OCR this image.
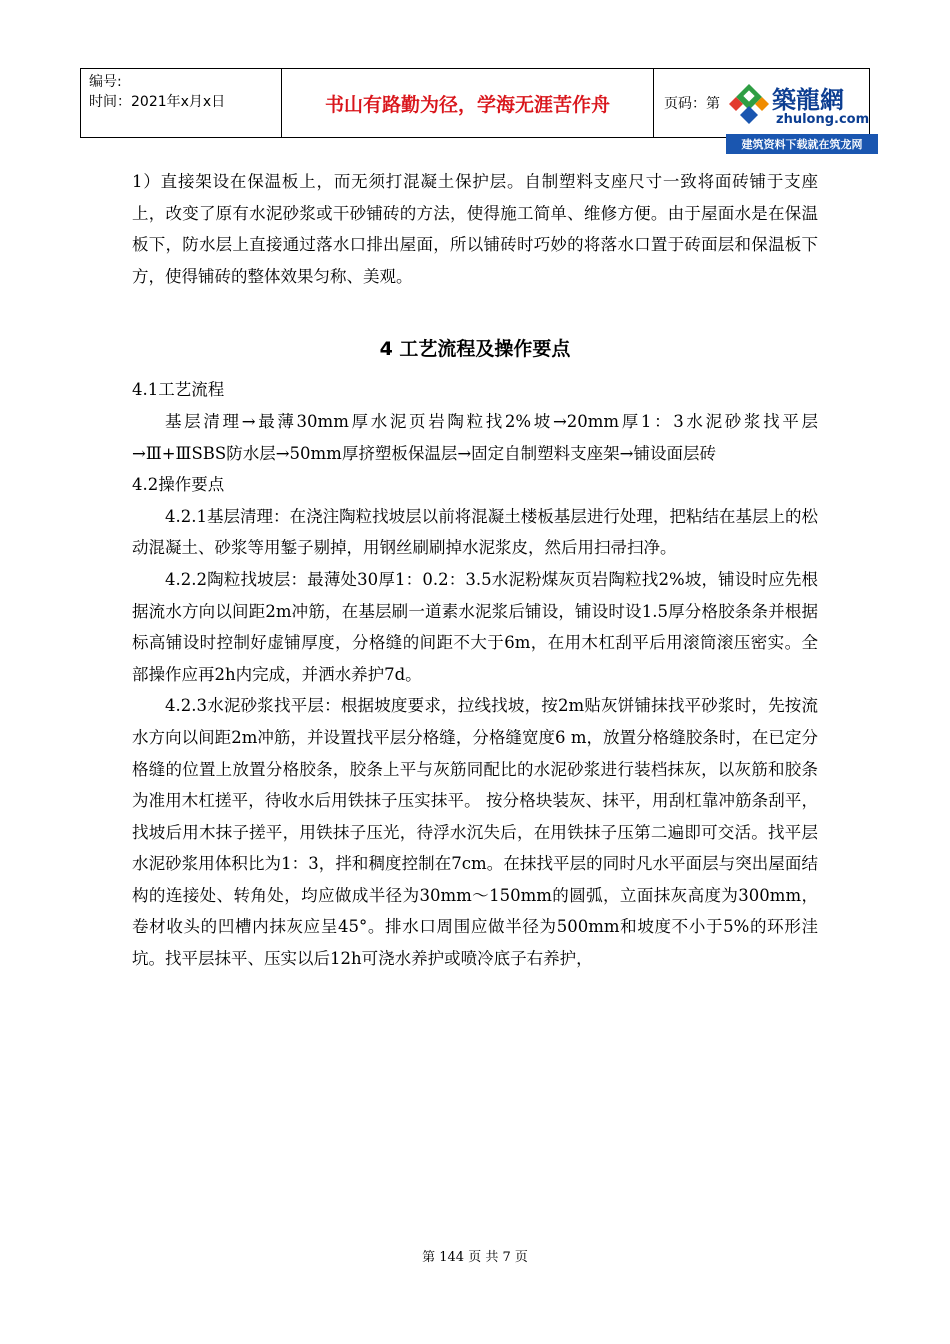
编号:
时间：2021年x月x日	书山有路勤为径，学海无涯苦作舟	页码：第 築龍網
zhulong.com
建筑资料下载就在筑龙网

1）直接架设在保温板上，而无须打混凝土保护层。自制塑料支座尺寸一致将面砖铺于支座上，改变了原有水泥砂浆或干砂铺砖的方法，使得施工简单、维修方便。由于屋面水是在保温板下，防水层上直接通过落水口排出屋面，所以铺砖时巧妙的将落水口置于砖面层和保温板下方，使得铺砖的整体效果匀称、美观。

4 工艺流程及操作要点

4.1工艺流程

基层清理→最薄30mm厚水泥页岩陶粒找2%坡→20mm厚1：3水泥砂浆找平层→Ⅲ+ⅢSBS防水层→50mm厚挤塑板保温层→固定自制塑料支座架→铺设面层砖

4.2操作要点

4.2.1基层清理：在浇注陶粒找坡层以前将混凝土楼板基层进行处理，把粘结在基层上的松动混凝土、砂浆等用錾子剔掉，用钢丝刷刷掉水泥浆皮，然后用扫帚扫净。

4.2.2陶粒找坡层：最薄处30厚1：0.2：3.5水泥粉煤灰页岩陶粒找2%坡，铺设时应先根据流水方向以间距2m冲筋，在基层刷一道素水泥浆后铺设，铺设时设1.5厚分格胶条条并根据标高铺设时控制好虚铺厚度，分格缝的间距不大于6m，在用木杠刮平后用滚筒滚压密实。全部操作应再2h内完成，并洒水养护7d。

4.2.3水泥砂浆找平层：根据坡度要求，拉线找坡，按2m贴灰饼铺抹找平砂浆时，先按流水方向以间距2m冲筋，并设置找平层分格缝，分格缝宽度6 m，放置分格缝胶条时，在已定分格缝的位置上放置分格胶条，胶条上平与灰筋同配比的水泥砂浆进行装档抹灰，以灰筋和胶条为准用木杠搓平，待收水后用铁抹子压实抹平。 按分格块装灰、抹平，用刮杠靠冲筋条刮平，找坡后用木抹子搓平，用铁抹子压光，待浮水沉失后，在用铁抹子压第二遍即可交活。找平层水泥砂浆用体积比为1：3，拌和稠度控制在7cm。在抹找平层的同时凡水平面层与突出屋面结构的连接处、转角处，均应做成半径为30mm～150mm的圆弧，立面抹灰高度为300mm，卷材收头的凹槽内抹灰应呈45°。排水口周围应做半径为500mm和坡度不小于5%的环形洼坑。找平层抹平、压实以后12h可浇水养护或喷冷底子右养护，

第 144 页 共 7 页
